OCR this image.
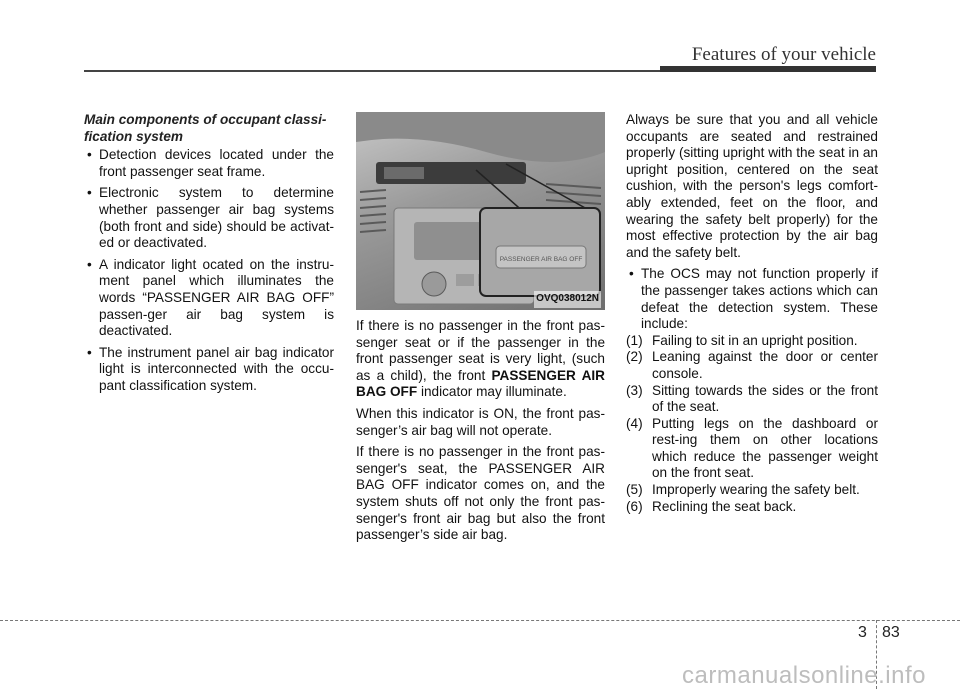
Features of your vehicle
Main components of occupant classi-fication system
• Detection devices located under the front passenger seat frame.
• Electronic system to determine whether passenger air bag systems (both front and side) should be activat-ed or deactivated.
• A indicator light ocated on the instru-ment panel which illuminates the words “PASSENGER AIR BAG OFF” passen-ger air bag system is deactivated.
• The instrument panel air bag indicator light is interconnected with the occu-pant classification system.
PASSENGER AIR BAG OFF
OVQ038012N

If there is no passenger in the front pas-senger seat or if the passenger in the front passenger seat is very light, (such as a child), the front PASSENGER AIR BAG OFF indicator may illuminate.

When this indicator is ON, the front pas-senger’s air bag will not operate.

If there is no passenger in the front pas-senger's seat, the PASSENGER AIR BAG OFF indicator comes on, and the system shuts off not only the front pas-senger's front air bag but also the front passenger’s side air bag.

Always be sure that you and all vehicle occupants are seated and restrained properly (sitting upright with the seat in an upright position, centered on the seat cushion, with the person's legs comfort-ably extended, feet on the floor, and wearing the safety belt properly) for the most effective protection by the air bag and the safety belt.

• The OCS may not function properly if the passenger takes actions which can defeat the detection system. These include:
(1) Failing to sit in an upright position.
(2) Leaning against the door or center console.
(3) Sitting towards the sides or the front of the seat.
(4) Putting legs on the dashboard or rest-ing them on other locations which reduce the passenger weight on the front seat.
(5) Improperly wearing the safety belt.
(6) Reclining the seat back.
3 83
carmanualsonline.info
